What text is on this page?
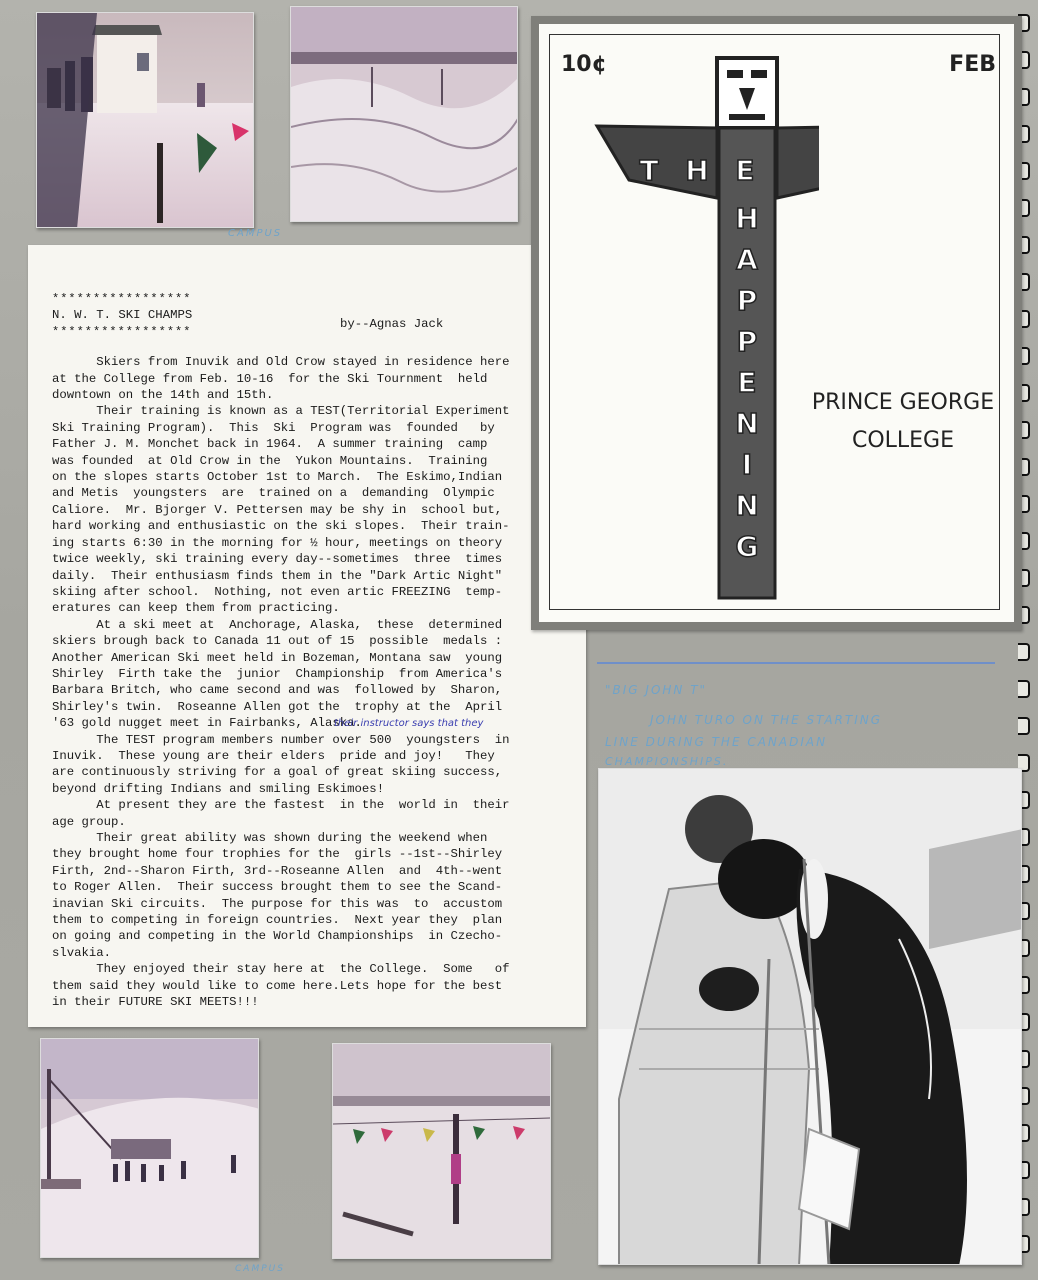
CAMPUS
*****************
N. W. T. SKI CHAMPS
*****************
by--Agnas Jack
Skiers from Inuvik and Old Crow stayed in residence here
at the College from Feb. 10-16  for the Ski Tournment  held
downtown on the 14th and 15th.
Their training is known as a TEST(Territorial Experiment
Ski Training Program).  This  Ski  Program was  founded   by
Father J. M. Monchet back in 1964.  A summer training  camp
was founded  at Old Crow in the  Yukon Mountains.  Training
on the slopes starts October 1st to March.  The Eskimo,Indian
and Metis  youngsters  are  trained on a  demanding  Olympic
Caliore.  Mr. Bjorger V. Pettersen may be shy in  school but,
hard working and enthusiastic on the ski slopes.  Their train-
ing starts 6:30 in the morning for ½ hour, meetings on theory
twice weekly, ski training every day--sometimes  three  times
daily.  Their enthusiasm finds them in the "Dark Artic Night"
skiing after school.  Nothing, not even artic FREEZING  temp-
eratures can keep them from practicing.
At a ski meet at  Anchorage, Alaska,  these  determined
skiers brough back to Canada 11 out of 15  possible  medals :
Another American Ski meet held in Bozeman, Montana saw  young
Shirley  Firth take the  junior  Championship  from America's
Barbara Britch, who came second and was  followed by  Sharon,
Shirley's twin.  Roseanne Allen got the  trophy at the  April
'63 gold nugget meet in Fairbanks, Alaska.
The TEST program members number over 500  youngsters  in
Inuvik.  These young are their elders  pride and joy!   They
are continuously striving for a goal of great skiing success,
beyond drifting Indians and smiling Eskimoes!
At present they are the fastest  in the  world in  their
age group.
Their great ability was shown during the weekend when
they brought home four trophies for the  girls --1st--Shirley
Firth, 2nd--Sharon Firth, 3rd--Roseanne Allen  and  4th--went
to Roger Allen.  Their success brought them to see the Scand-
inavian Ski circuits.  The purpose for this was  to  accustom
them to competing in foreign countries.  Next year they  plan
on going and competing in the World Championships  in Czecho-
slvakia.
They enjoyed their stay here at  the College.  Some   of
them said they would like to come here.Lets hope for the best
in their FUTURE SKI MEETS!!!
their instructor says that they
10¢	FEB
T H E
H
A
P
P
E
N
I
N
G
PRINCE GEORGE
COLLEGE
"BIG JOHN T"
JOHN TURO ON THE STARTING
LINE DURING THE CANADIAN
CHAMPIONSHIPS.
CAMPUS
